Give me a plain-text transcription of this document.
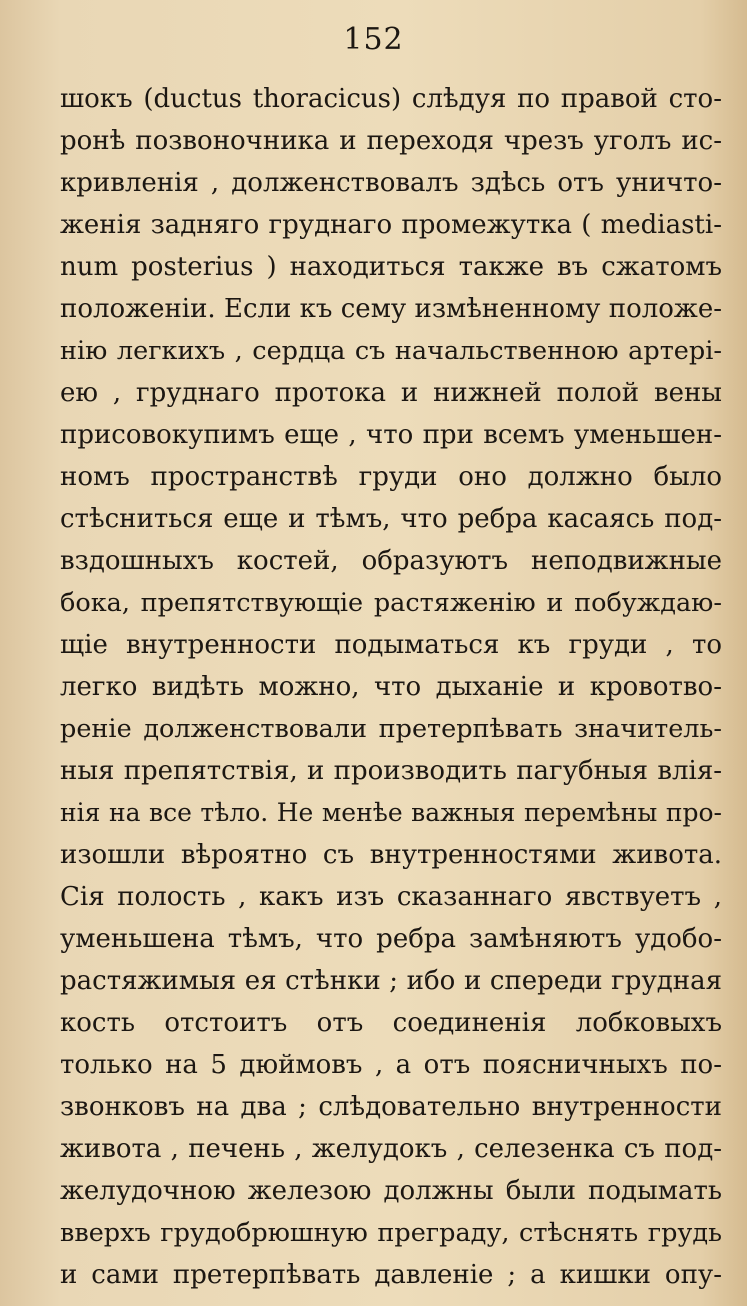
152
шокъ (ductus thoracicus) слѣдуя по правой сто-
ронѣ позвоночника и переходя чрезъ уголъ ис-
кривленія , долженствовалъ здѣсь отъ уничто-
женія задняго груднаго промежутка ( mediasti-
num posterius ) находиться также въ сжатомъ
положеніи. Если къ сему измѣненному положе-
нію легкихъ , сердца съ начальственною артері-
ею , груднаго протока и нижней полой вены
присовокупимъ еще , что при всемъ уменьшен-
номъ пространствѣ груди оно должно было
стѣсниться еще и тѣмъ, что ребра касаясь под-
вздошныхъ костей, образуютъ неподвижные
бока, препятствующіе растяженію и побуждаю-
щіе внутренности подыматься къ груди , то
легко видѣть можно, что дыханіе и кровотво-
реніе долженствовали претерпѣвать значитель-
ныя препятствія, и производить пагубныя влія-
нія на все тѣло. Не менѣе важныя перемѣны про-
изошли вѣроятно съ внутренностями живота.
Сія полость , какъ изъ сказаннаго явствуетъ ,
уменьшена тѣмъ, что ребра замѣняютъ удобо-
растяжимыя ея стѣнки ; ибо и спереди грудная
кость отстоитъ отъ соединенія лобковыхъ
только на 5 дюймовъ , а отъ поясничныхъ по-
звонковъ на два ; слѣдовательно внутренности
живота , печень , желудокъ , селезенка съ под-
желудочною железою должны были подымать
вверхъ грудобрюшную преграду, стѣснять грудь
и сами претерпѣвать давленіе ; а кишки опу-
